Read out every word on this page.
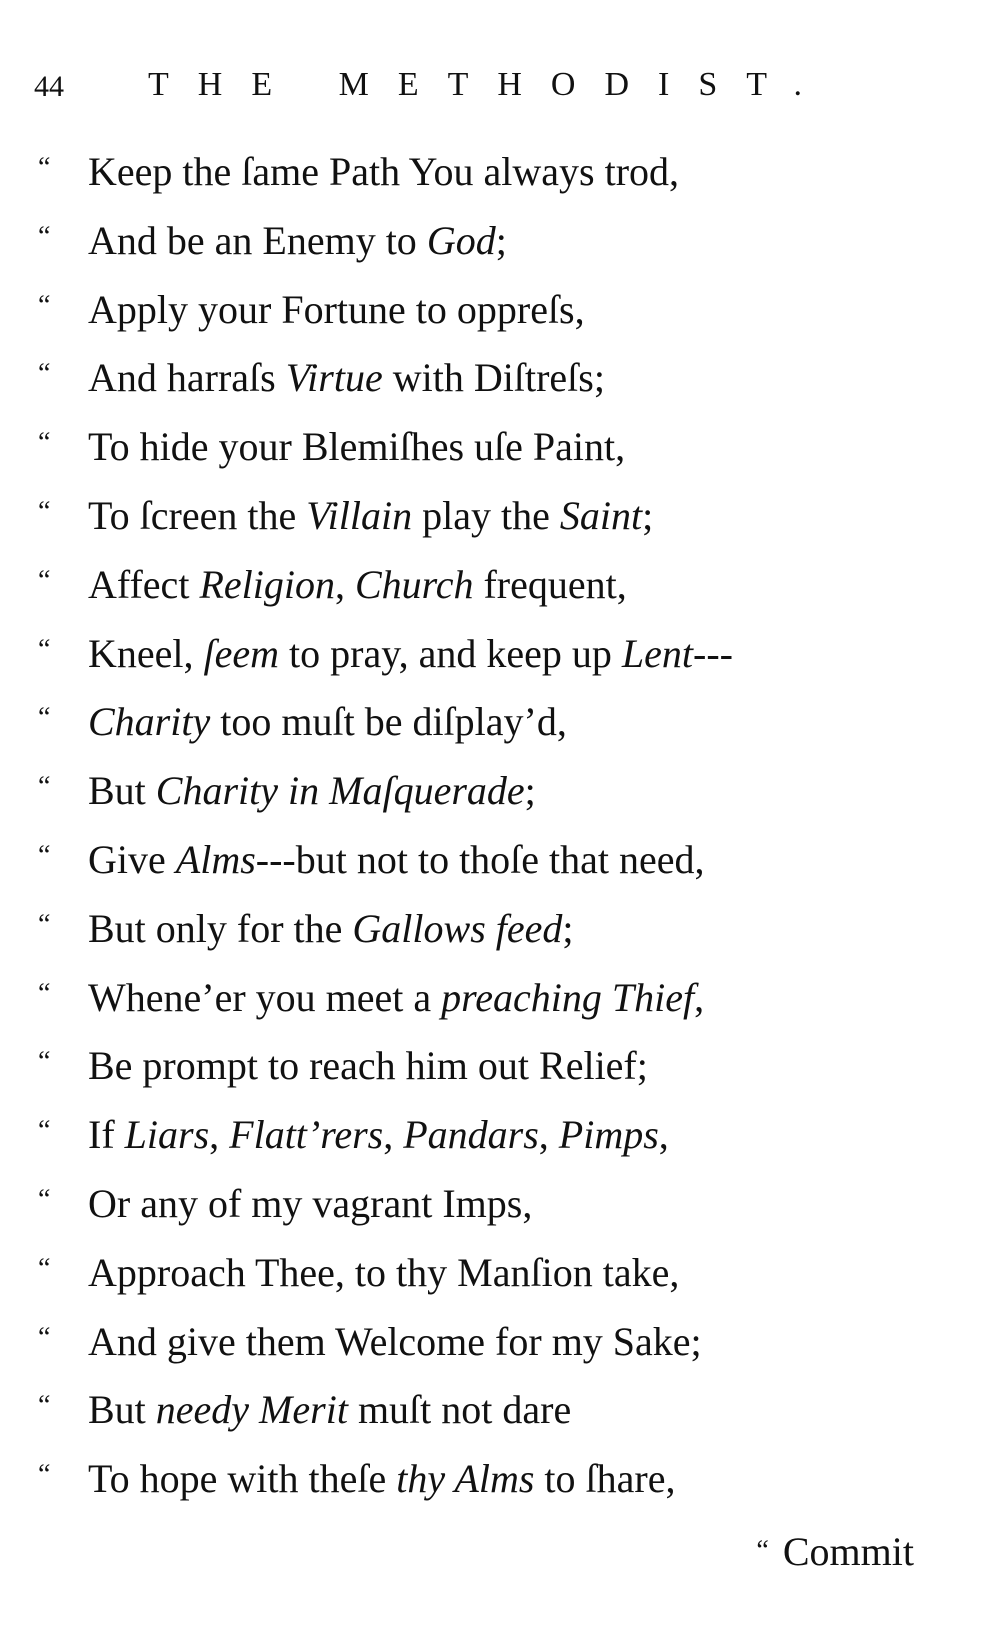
44 THE METHODIST.
“ Keep the ſame Path You always trod,
“ And be an Enemy to God;
“ Apply your Fortune to oppreſs,
“ And harraſs Virtue with Diſtreſs;
“ To hide your Blemiſhes uſe Paint,
“ To ſcreen the Villain play the Saint;
“ Affect Religion, Church frequent,
“ Kneel, ſeem to pray, and keep up Lent---
“ Charity too muſt be diſplay’d,
“ But Charity in Maſquerade;
“ Give Alms---but not to thoſe that need,
“ But only for the Gallows feed;
“ Whene’er you meet a preaching Thief,
“ Be prompt to reach him out Relief;
“ If Liars, Flatt’rers, Pandars, Pimps,
“ Or any of my vagrant Imps,
“ Approach Thee, to thy Manſion take,
“ And give them Welcome for my Sake;
“ But needy Merit muſt not dare
“ To hope with theſe thy Alms to ſhare,
“ Commit
